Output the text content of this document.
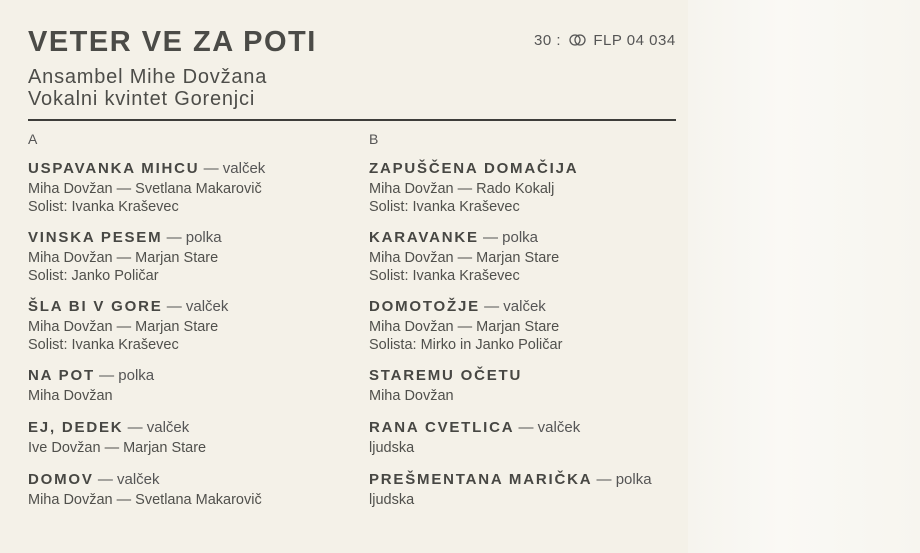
VETER VE ZA POTI	30 : FLP 04 034
Ansambel Mihe Dovžana
Vokalni kvintet Gorenjci
A	B
USPAVANKA MIHCU — valček
Miha Dovžan — Svetlana Makarovič
Solist: Ivanka Kraševec
VINSKA PESEM — polka
Miha Dovžan — Marjan Stare
Solist: Janko Poličar
ŠLA BI V GORE — valček
Miha Dovžan — Marjan Stare
Solist: Ivanka Kraševec
NA POT — polka
Miha Dovžan
EJ, DEDEK — valček
Ive Dovžan — Marjan Stare
DOMOV — valček
Miha Dovžan — Svetlana Makarovič
ZAPUŠČENA DOMAČIJA
Miha Dovžan — Rado Kokalj
Solist: Ivanka Kraševec
KARAVANKE — polka
Miha Dovžan — Marjan Stare
Solist: Ivanka Kraševec
DOMOTOŽJE — valček
Miha Dovžan — Marjan Stare
Solista: Mirko in Janko Poličar
STAREMU OČETU
Miha Dovžan
RANA CVETLICA — valček
ljudska
PREŠMENTANA MARIČKA — polka
ljudska
